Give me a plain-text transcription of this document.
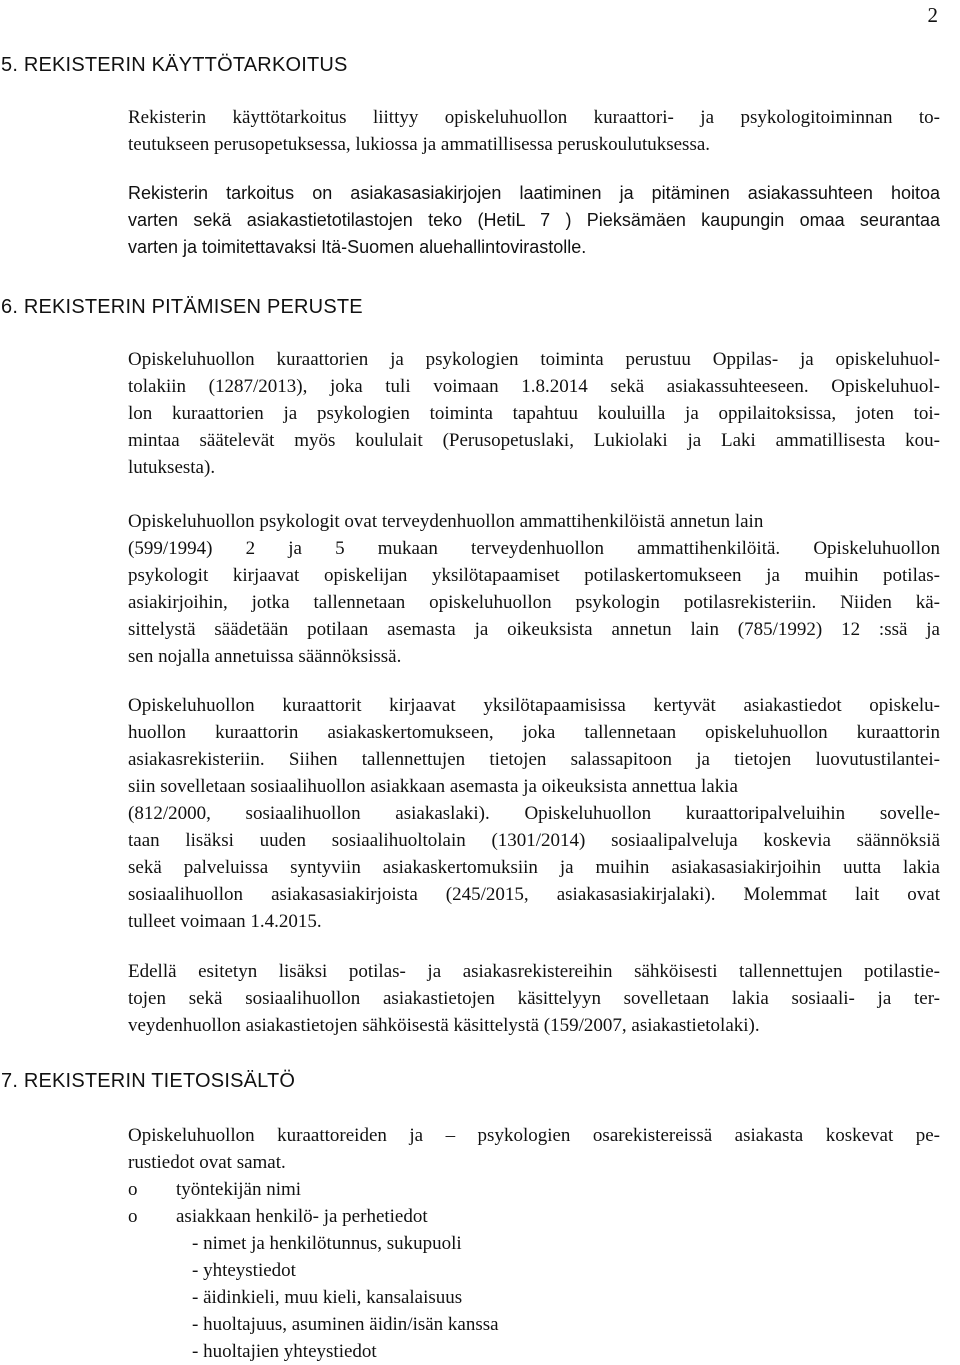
2
5. REKISTERIN KÄYTTÖTARKOITUS
Rekisterin käyttötarkoitus liittyy opiskeluhuollon kuraattori- ja psykologitoiminnan to-
teutukseen perusopetuksessa, lukiossa ja ammatillisessa peruskoulutuksessa.
Rekisterin tarkoitus on asiakasasiakirjojen laatiminen ja pitäminen asiakassuhteen hoitoa
varten sekä asiakastietotilastojen teko (HetiL 7 ) Pieksämäen kaupungin omaa seurantaa
varten ja toimitettavaksi Itä-Suomen aluehallintovirastolle.
6. REKISTERIN PITÄMISEN PERUSTE
Opiskeluhuollon kuraattorien ja psykologien toiminta perustuu Oppilas- ja opiskeluhuol-
tolakiin (1287/2013), joka tuli voimaan 1.8.2014 sekä asiakassuhteeseen. Opiskeluhuol-
lon kuraattorien ja psykologien toiminta tapahtuu kouluilla ja oppilaitoksissa, joten toi-
mintaa säätelevät myös koululait (Perusopetuslaki, Lukiolaki ja Laki ammatillisesta kou-
lutuksesta).
Opiskeluhuollon psykologit ovat terveydenhuollon ammattihenkilöistä annetun lain
(599/1994) 2 ja 5 mukaan terveydenhuollon ammattihenkilöitä. Opiskeluhuollon
psykologit kirjaavat opiskelijan yksilötapaamiset potilaskertomukseen ja muihin potilas-
asiakirjoihin, jotka tallennetaan opiskeluhuollon psykologin potilasrekisteriin. Niiden kä-
sittelystä säädetään potilaan asemasta ja oikeuksista annetun lain (785/1992) 12 :ssä ja
sen nojalla annetuissa säännöksissä.
Opiskeluhuollon kuraattorit kirjaavat yksilötapaamisissa kertyvät asiakastiedot opiskelu-
huollon kuraattorin asiakaskertomukseen, joka tallennetaan opiskeluhuollon kuraattorin
asiakasrekisteriin. Siihen tallennettujen tietojen salassapitoon ja tietojen luovutustilantei-
siin sovelletaan sosiaalihuollon asiakkaan asemasta ja oikeuksista annettua lakia
(812/2000, sosiaalihuollon asiakaslaki). Opiskeluhuollon kuraattoripalveluihin sovelle-
taan lisäksi uuden sosiaalihuoltolain (1301/2014) sosiaalipalveluja koskevia säännöksiä
sekä palveluissa syntyviin asiakaskertomuksiin ja muihin asiakasasiakirjoihin uutta lakia
sosiaalihuollon asiakasasiakirjoista (245/2015, asiakasasiakirjalaki). Molemmat lait ovat
tulleet voimaan 1.4.2015.
Edellä esitetyn lisäksi potilas- ja asiakasrekistereihin sähköisesti tallennettujen potilastie-
tojen sekä sosiaalihuollon asiakastietojen käsittelyyn sovelletaan lakia sosiaali- ja ter-
veydenhuollon asiakastietojen sähköisestä käsittelystä (159/2007, asiakastietolaki).
7. REKISTERIN TIETOSISÄLTÖ
Opiskeluhuollon kuraattoreiden ja – psykologien osarekistereissä asiakasta koskevat pe-
rustiedot ovat samat.
o työntekijän nimi
o asiakkaan henkilö- ja perhetiedot
- nimet ja henkilötunnus, sukupuoli
- yhteystiedot
- äidinkieli, muu kieli, kansalaisuus
- huoltajuus, asuminen äidin/isän kanssa
- huoltajien yhteystiedot
